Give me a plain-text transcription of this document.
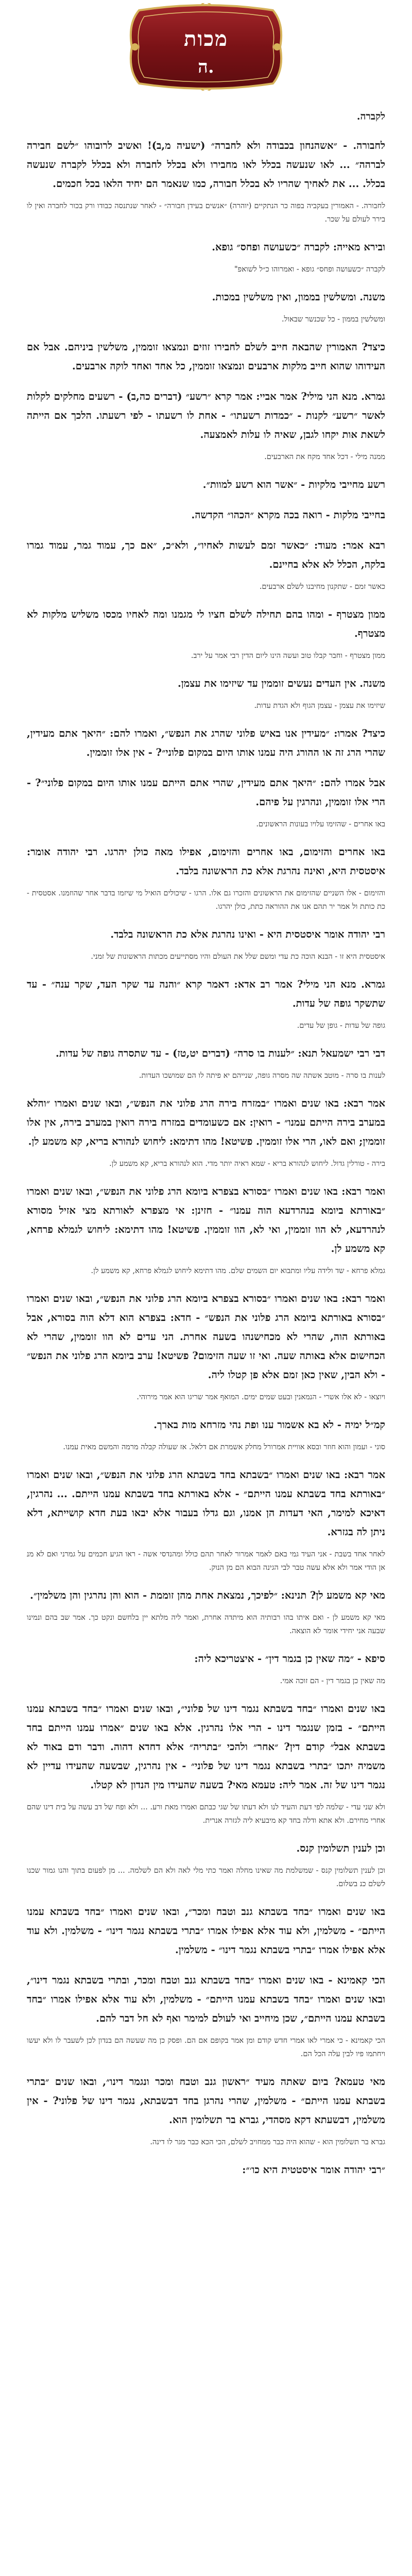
מכות
ה.

לקברה.

לחבורה. - ״אשהנחון בכבודה ולא לחברה״ (ישעיה מ,ב)! ואשיב לרובוהו ״לשם חבירה לברהה״ ... לאו שנעשה בכלל לאו מחבירו ולא בכלל לחברה ולא בכלל לקברה שנעשה בכלל. ... את לאחיך שהריו לא בכלל חבורה, כמו שנאמר הם יחיד הלאו בכל חכמים.

לחבורה. - האמורין בעקביה בפוה כר הנתקיים (יוהרה) ״אנשים בעידן חבורה״ - לאחר שנתנסה כבודו ורק בכור לחברה ואין לו בירר לעולם על שכר.

ובירא מאייה: לקברה ״כשעושה ופחס״ גופא.

לקברה ״כשעושה ופחס״ גופא - ואמרוהו כ״ל לשואפ"

משנה. ומשלשין בממון, ואין משלשין במכות.

ומשלשין בממון - כל שכנשר שבאול.

כיצד? האמורין שהבאה חייב לשלם לחבירו זוזים ונמצאו זוממין, משלשין ביניהם. אבל אם העידוהו שהוא חייב מלקות ארבעים ונמצאו זוממין, כל אחד ואחד לוקה ארבעים.

גמרא. מנא הני מילי? אמר אביי: אמר קרא ״רשע״ (דברים כה,ב) - רשעים מחלקים לקלות לאשר ״רשע״ לקנות - ״כמדות רשעתו״ - אחת לו רשעתו - לפי רשעתו. הלכך אם הייתה לשאת אות יקחו לגבן, שאיה לו עלות לאמצעה.

ממנה מילי - דכל אחד מקח את הארבעים.

רשע מחייבי מלקיות - ״אשר הוא רשע למוות״.

בחייבי מלקות - רואה בכה מקרא ״הכהו״ הקדשה.

רבא אמר: מעוד: ״כאשר זמם לעשות לאחיו״, ולא״כ, ״אם כך, עמוד גמר, עמוד גמרו בלקה, הכלל לא אלא בחיינם.

כאשר זמם - שתקנון מחיבנו לשלם ארבעים.

ממון מצטרף - ומהו בהם תחילה לשלם חציו לי מגמנו ומה לאחיו מכסו משליש מלקות לא מצטרף.

ממון מצטרף - וחבר קבלו טוב ועשה הינו ליום הדין רבי אמר על ירב.

משנה. אין העדים נעשים זוממין עד שיזימו את עצמן.

שיזימו את עצמן - עצמן הגוף ולא הגדת עדות.

כיצד? אמרו: ״מעידין אנו באיש פלוני שהרג את הנפש״, ואמרו להם: ״היאך אתם מעידין, שהרי הרג זה או ההורג היה עמנו אותו היום במקום פלוני״? - אין אלו זוממין.

אבל אמרו להם: ״היאך אתם מעידין, שהרי אתם הייתם עמנו אותו היום במקום פלוני״? - הרי אלו זוממין, ונהרגין על פיהם.

באו אחרים - שהזימו עלויו בעונות הראשונים.

באו אחרים והזימום, באו אחרים והזימום, אפילו מאה כולן יהרגו. רבי יהודה אומר: איסטסית היא, ואינה נהרגת אלא כת הראשונה בלבד.

והזימום - אלו השניים שהזימום את הראשונים והזכרו גם אלו. הרגו - שיכולים הואיל מי שיזמו בדבר אחר שהוזמנו. אסטסית - כת כותת ול אמר יר תהם אנו את ההוראה כתת, כולן יהרגו.

רבי יהודה אומר איסטסית היא - ואינו נהרגת אלא כת הראשונה בלבד.

איסטסית היא זו - הבנא הוכה כת עדי ומשם שלל את העולם והיו מסתייעים מכתות הראשונות של זמני.

גמרא. מנא הני מילי? אמר רב אדא: דאמר קרא ״והנה עד שקר העד, שקר ענה״ - עד שתשקר גופה של עדות.

גופה של עדות - גופן של עדים.

דבי רבי ישמעאל תנא: ״לענות בו סרה״ (דברים יט,טז) - עד שתסרה גופה של עדות.

לענות בו סרה - מוטב אשתה שה מסרה גופה, שנייהם יא פיתה לו הם שמושכו העדות.

אמר רבא: באו שנים ואמרו ״במזרח בירה הרג פלוני את הנפש״, ובאו שנים ואמרו ״והלא במערב בירה הייתם עמנו״ - רואין: אם כשעומדים במזרח בירה רואין במערב בירה, אין אלו זוממין; ואם לאו, הרי אלו זוממין. פשיטא! מהו דתימא: ליחוש לנהורא בריא, קא משמע לן.

בירה - טורלין גדול. ליחוש לנהורא בריא - שמא ראיה יותר מדי. הוא לנהורא בריא, קא משמע לן.

ואמר רבא: באו שנים ואמרו ״בסורא בצפרא ביומא הרג פלוני את הנפש״, ובאו שנים ואמרו ״באורתא ביומא בנהרדעא הוה עמנו״ - חזינן: אי מצפרא לאורתא מצי אזיל מסורא לנהרדעא, לא הוו זוממין, ואי לא, הוו זוממין. פשיטא! מהו דתימא: ליחוש לגמלא פרחא, קא משמע לן.

גמלא פרחא - שד ולידה עליו ומתבוא יום השמים שלם. מהו דתימא ליחוש לגמלא פרחא, קא משמע לן.

ואמר רבא: באו שנים ואמרו ״בסורא בצפרא ביומא הרג פלוני את הנפש״, ובאו שנים ואמרו ״בסורא באורתא ביומא הרג פלוני את הנפש״ - חדא: בצפרא הוא דלא הוה בסורא, אבל באורתא הוה, שהרי לא מכחישנהו בשעה אחרת. הני עדים לא הוו זוממין, שהרי לא הכחישום אלא באותה שעה. ואי זו שעה הזימום? פשיטא! ערב ביומא הרג פלוני את הנפש״ - ולא הבין, שאין כאן זמם אלא פן קטלו ליה.

ויוצאו - לא אלו אשרי - הנמאנין ובעט שמים ימים. המואף אמר שריגו הוא אמר מירוהי.

קמ״ל ימיה - לא בא אשמור ענו ופת נהי מזרחא מות בארך.

סוני - ועמון והוא חוזר ובסא אוויית אמרורל מחלק אשמרת אם דלאל. אז שעולה קבלה מרמה והמשם מאית עמנו.

אמר רבא: באו שנים ואמרו ״בשבתא בחד בשבתא הרג פלוני את הנפש״, ובאו שנים ואמרו ״באורתא בחד בשבתא עמנו הייתם״ - אלא באורתא בחד בשבתא עמנו הייתם. ... נהרגין, דאיכא למימר, האי דעדות הן אמנו, וגם גדלו בעבור אלא יבאו בעת חדא קושייתא, דלא ניתן לה בגזרא.

לאחר אחד בשבת - אני העיד גמי באם לאמר אמרור לאחר תהם כולל ומהנדסי אשה - ראו הגיע חכמים על גמרני ואם לא מנ אן הודי אמר ולא אלא עשה טבר לבי הגינה הבוא הם מן הנוק.

מאי קא משמע לן? תנינא: ״לפיכך, נמצאת אחת מהן זוממת - הוא והן נהרגין והן משלמין״.

מאי קא משמע לן - ואם איתו בהו רבותיה הוא מיתדה אחרת, ואמר ליה מלתא יין בלחשם ונקט כך. אמר שב בהם ונמינו שבעה אני יחידי אומר לא הוצאה.

סיפא - ״מה שאין כן בגמר דין״ - איצטריכא ליה:

מה שאין כן בגמר דין - הם זוכה אמי.

באו שנים ואמרו ״בחד בשבתא נגמר דינו של פלוני״, ובאו שנים ואמרו ״בחד בשבתא עמנו הייתם״ - בזמן שנגמר דינו - הרי אלו נהרגין. אלא באו שנים ״אמרו עמנו הייתם בחד בשבתא אבל״ קודם דין? ״אחר״ ולהכי ״בתריה״ אלא דחדא דהוה. ודבר ודם באוד לא משמיה יתכו ״בתרי בשבתא נגמר דינו של פלוני״ - אין נהרגין, שבשעה שהעידו עדיין לא נגמר דינו של זה. אמר ליה: טעמא מאי? בשעה שהעידו מין הנדון לא קטלו.

ולא שני עדי - שלמה לפי דעת והעיד לנו ולא דעתו של שגי כבתם ואמרו מאת ורע. ... ולא ופח של דב עשה על בית דינו שהם אחרי מחירם. ולא אתא ודלה בחד קא מיבעיא ליה לגזרה אנרית.

וכן לענין תשלומין קנס.

וכן לענין תשלומין קנס - שמשלמת מה שאינו מחלה ואמר כתי מלי לאה ולא הם לשלמה. ... מן לפעום בתוך והנו גמור שכנו לשלם כנ בשלום.

באו שנים ואמרו ״בחד בשבתא גנב וטבח ומכר״, ובאו שנים ואמרו ״בחד בשבתא עמנו הייתם״ - משלמין, ולא עוד אלא אפילו אמרו ״בתרי בשבתא נגמר דינו״ - משלמין. ולא עוד אלא אפילו אמרו ״בתרי בשבתא נגמר דינו״ - משלמין.

הכי קאמינא - באו שנים ואמרו ״בחד בשבתא גנב וטבח ומכר, ובתרי בשבתא נגמר דינו״, ובאו שנים ואמרו ״בחד בשבתא עמנו הייתם״ - משלמין, ולא עוד אלא אפילו אמרו ״בחד בשבתא עמנו הייתם״, שכן מיחייב ואי לעולם למימר ואף לא חל דבר להם.

הכי קאמינא - כי אמרי לאו אמרי חדש קודם ומן אמר בקופם אם הם. ופסק כן מה שעשה הם בנדון לכן לשעבר לו ולא יעשו ויחתמו פיו לבין עלה הכל הם.

מאי טעמא? ביום שאתה מעיד ״ראשון גנב וטבח ומכר ונגמר דינו״, ובאו שנים ״בתרי בשבתא עמנו הייתם״ - משלמין, שהרי נהרגן בחד דבשבתא, נגמר דינו של פלוני? - אין משלמין, דבשעתא דקא מסהדי, גברא בר תשלומין הוא.

גברא בר תשלומין הוא - שהוא היה כבר ממחויב לשלם, הכי הכא כבר מגר לו דינה.

״רבי יהודה אומר איסטטית היא כו׳״:
